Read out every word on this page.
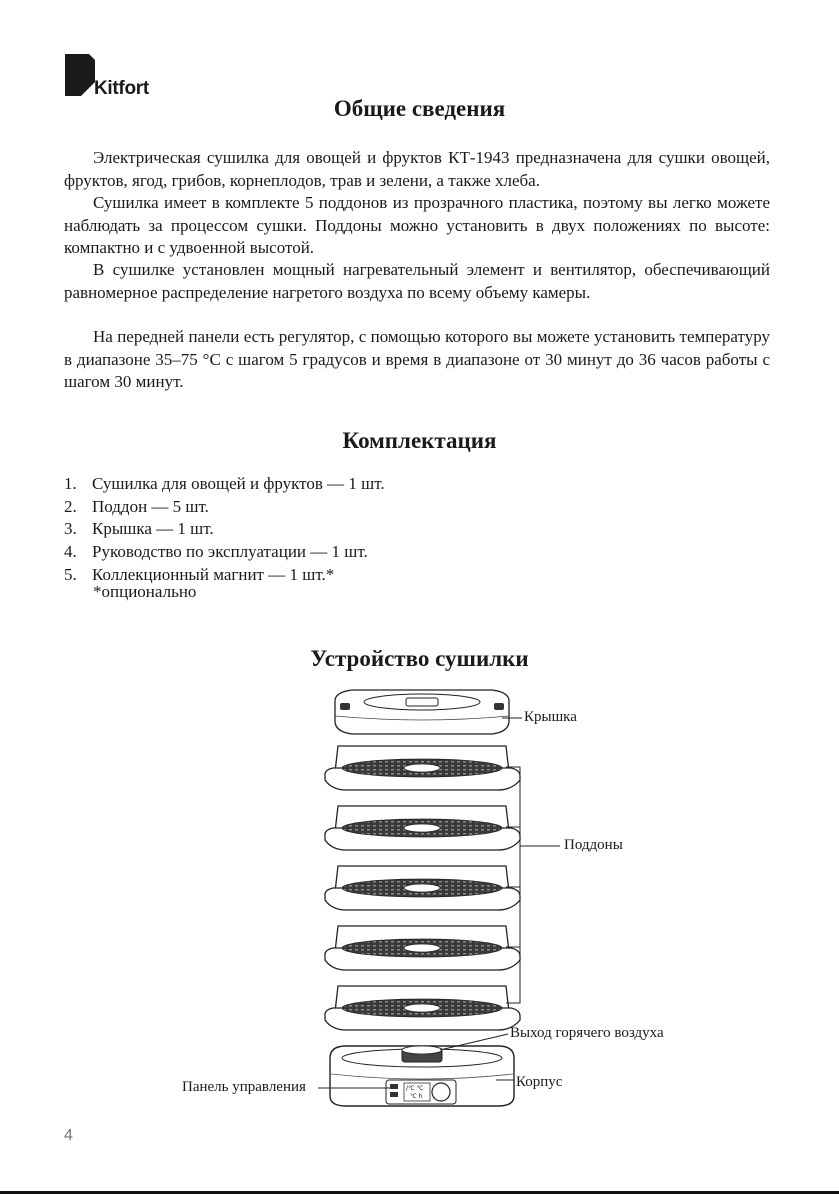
Kitfort
Общие сведения

Электрическая сушилка для овощей и фруктов КТ-1943 предназначена для сушки овощей, фруктов, ягод, грибов, корнеплодов, трав и зелени, а также хлеба.

Сушилка имеет в комплекте 5 поддонов из прозрачного пластика, поэтому вы легко можете наблюдать за процессом сушки. Поддоны можно установить в двух положениях по высоте: компактно и с удвоенной высотой.

В сушилке установлен мощный нагревательный элемент и вентилятор, обеспечивающий равномерное распределение нагретого воздуха по всему объему камеры.

На передней панели есть регулятор, с помощью которого вы можете установить температуру в диапазоне 35–75 °C с шагом 5 градусов и время в диапазоне от 30 минут до 36 часов работы с шагом 30 минут.

Комплектация
1. Сушилка для овощей и фруктов — 1 шт.
2. Поддон — 5 шт.
3. Крышка — 1 шт.
4. Руководство по эксплуатации — 1 шт.
5. Коллекционный магнит — 1 шт.*
*опционально
Устройство сушилки
/℃ ℃
℃ h
Крышка
Поддоны
Выход горячего воздуха
Корпус
Панель управления
4
